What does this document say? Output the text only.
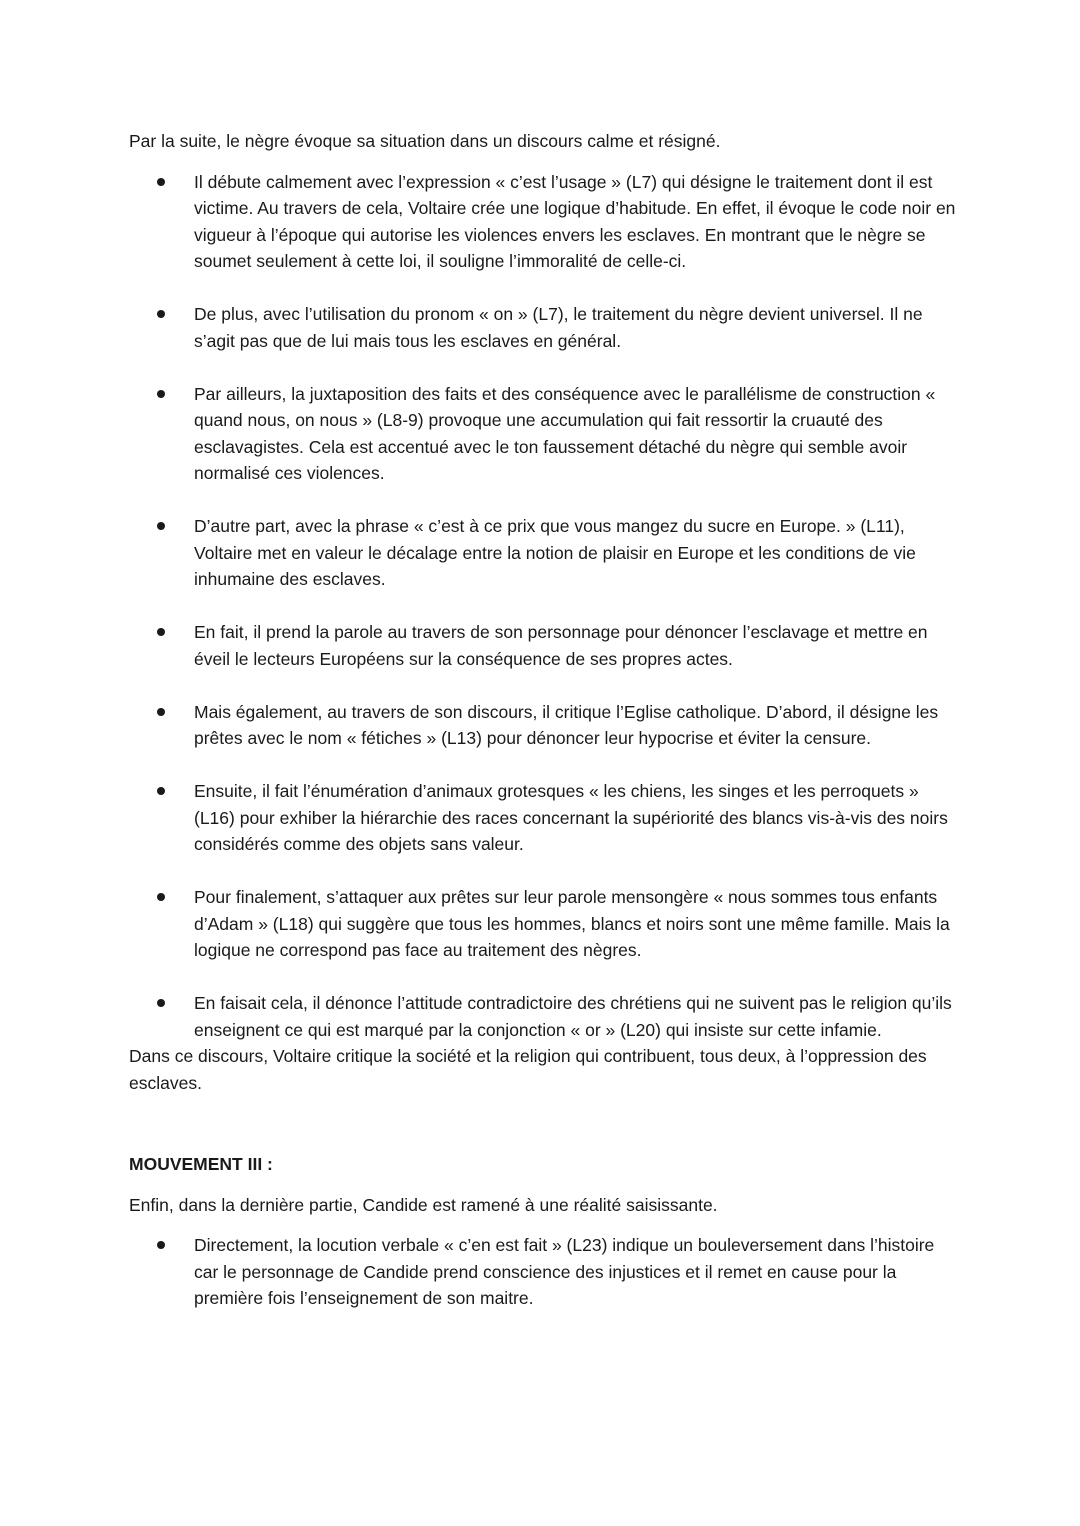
Par la suite, le nègre évoque sa situation dans un discours calme et résigné.

Il débute calmement avec l’expression « c’est l’usage » (L7) qui désigne le traitement dont il est victime. Au travers de cela, Voltaire crée une logique d’habitude. En effet, il évoque le code noir en vigueur à l’époque qui autorise les violences envers les esclaves. En montrant que le nègre se soumet seulement à cette loi, il souligne l’immoralité de celle-ci.
De plus, avec l’utilisation du pronom « on » (L7), le traitement du nègre devient universel. Il ne s’agit pas que de lui mais tous les esclaves en général.
Par ailleurs, la juxtaposition des faits et des conséquence avec le parallélisme de construction « quand nous, on nous » (L8-9) provoque une accumulation qui fait ressortir la cruauté des esclavagistes. Cela est accentué avec le ton faussement détaché du nègre qui semble avoir normalisé ces violences.
D’autre part, avec la phrase « c’est à ce prix que vous mangez du sucre en Europe. » (L11), Voltaire met en valeur le décalage entre la notion de plaisir en Europe et les conditions de vie inhumaine des esclaves.
En fait, il prend la parole au travers de son personnage pour dénoncer l’esclavage et mettre en éveil le lecteurs Européens sur la conséquence de ses propres actes.
Mais également, au travers de son discours, il critique l’Eglise catholique. D’abord, il désigne les prêtes avec le nom « fétiches » (L13) pour dénoncer leur hypocrise et éviter la censure.
Ensuite, il fait l’énumération d’animaux grotesques « les chiens, les singes et les perroquets » (L16) pour exhiber la hiérarchie des races concernant la supériorité des blancs vis-à-vis des noirs considérés comme des objets sans valeur.
Pour finalement, s’attaquer aux prêtes sur leur parole mensongère « nous sommes tous enfants d’Adam » (L18) qui suggère que tous les hommes, blancs et noirs sont une même famille. Mais la logique ne correspond pas face au traitement des nègres.
En faisait cela, il dénonce l’attitude contradictoire des chrétiens qui ne suivent pas le religion qu’ils enseignent ce qui est marqué par la conjonction « or » (L20) qui insiste sur cette infamie.

Dans ce discours, Voltaire critique la société et la religion qui contribuent, tous deux, à l’oppression des esclaves.

MOUVEMENT III :

Enfin, dans la dernière partie, Candide est ramené à une réalité saisissante.

Directement, la locution verbale « c’en est fait » (L23) indique un bouleversement dans l’histoire car le personnage de Candide prend conscience des injustices et il remet en cause pour la première fois l’enseignement de son maitre.
